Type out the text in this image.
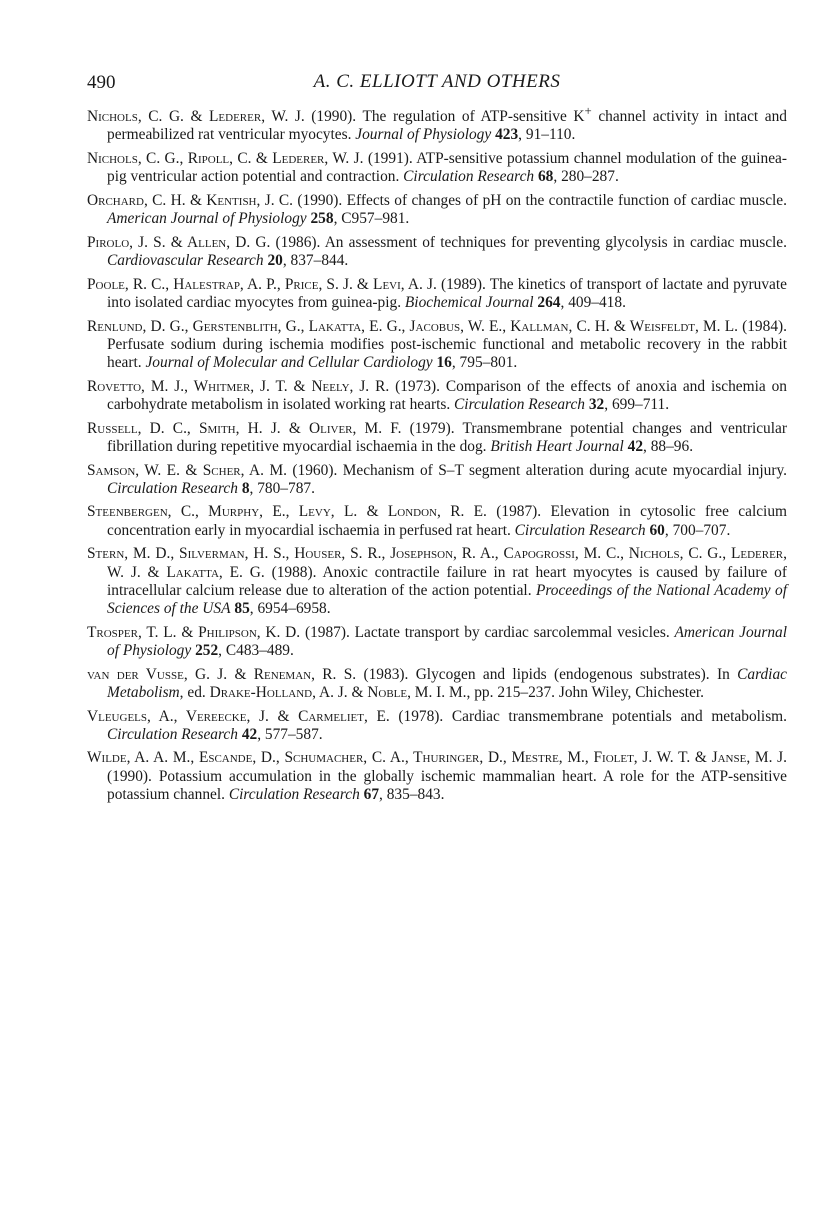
490	A. C. ELLIOTT AND OTHERS

Nichols, C. G. & Lederer, W. J. (1990). The regulation of ATP-sensitive K+ channel activity in intact and permeabilized rat ventricular myocytes. Journal of Physiology 423, 91–110.

Nichols, C. G., Ripoll, C. & Lederer, W. J. (1991). ATP-sensitive potassium channel modulation of the guinea-pig ventricular action potential and contraction. Circulation Research 68, 280–287.

Orchard, C. H. & Kentish, J. C. (1990). Effects of changes of pH on the contractile function of cardiac muscle. American Journal of Physiology 258, C957–981.

Pirolo, J. S. & Allen, D. G. (1986). An assessment of techniques for preventing glycolysis in cardiac muscle. Cardiovascular Research 20, 837–844.

Poole, R. C., Halestrap, A. P., Price, S. J. & Levi, A. J. (1989). The kinetics of transport of lactate and pyruvate into isolated cardiac myocytes from guinea-pig. Biochemical Journal 264, 409–418.

Renlund, D. G., Gerstenblith, G., Lakatta, E. G., Jacobus, W. E., Kallman, C. H. & Weisfeldt, M. L. (1984). Perfusate sodium during ischemia modifies post-ischemic functional and metabolic recovery in the rabbit heart. Journal of Molecular and Cellular Cardiology 16, 795–801.

Rovetto, M. J., Whitmer, J. T. & Neely, J. R. (1973). Comparison of the effects of anoxia and ischemia on carbohydrate metabolism in isolated working rat hearts. Circulation Research 32, 699–711.

Russell, D. C., Smith, H. J. & Oliver, M. F. (1979). Transmembrane potential changes and ventricular fibrillation during repetitive myocardial ischaemia in the dog. British Heart Journal 42, 88–96.

Samson, W. E. & Scher, A. M. (1960). Mechanism of S–T segment alteration during acute myocardial injury. Circulation Research 8, 780–787.

Steenbergen, C., Murphy, E., Levy, L. & London, R. E. (1987). Elevation in cytosolic free calcium concentration early in myocardial ischaemia in perfused rat heart. Circulation Research 60, 700–707.

Stern, M. D., Silverman, H. S., Houser, S. R., Josephson, R. A., Capogrossi, M. C., Nichols, C. G., Lederer, W. J. & Lakatta, E. G. (1988). Anoxic contractile failure in rat heart myocytes is caused by failure of intracellular calcium release due to alteration of the action potential. Proceedings of the National Academy of Sciences of the USA 85, 6954–6958.

Trosper, T. L. & Philipson, K. D. (1987). Lactate transport by cardiac sarcolemmal vesicles. American Journal of Physiology 252, C483–489.

van der Vusse, G. J. & Reneman, R. S. (1983). Glycogen and lipids (endogenous substrates). In Cardiac Metabolism, ed. Drake-Holland, A. J. & Noble, M. I. M., pp. 215–237. John Wiley, Chichester.

Vleugels, A., Vereecke, J. & Carmeliet, E. (1978). Cardiac transmembrane potentials and metabolism. Circulation Research 42, 577–587.

Wilde, A. A. M., Escande, D., Schumacher, C. A., Thuringer, D., Mestre, M., Fiolet, J. W. T. & Janse, M. J. (1990). Potassium accumulation in the globally ischemic mammalian heart. A role for the ATP-sensitive potassium channel. Circulation Research 67, 835–843.
